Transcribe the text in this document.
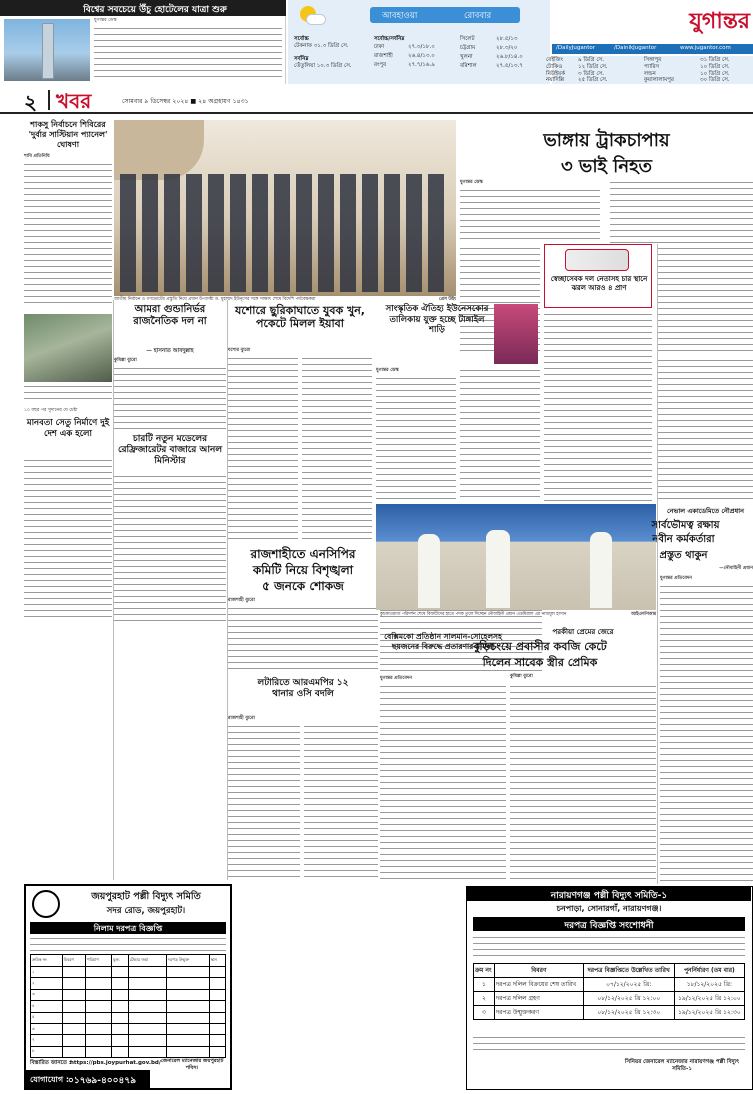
বিশ্বের সবচেয়ে উঁচু হোটেলের যাত্রা শুরু
যুগান্তর ডেস্ক	আবহাওয়া	রোববার
সর্বোচ্চ
টেকনাফ ৩১.৩ ডিগ্রি সে.
সর্বনিম্ন
তেঁতুলিয়া ১০.৩ ডিগ্রি সে.
সর্বোচ্চ/সর্বনিম্ন
ঢাকা	২৭.৩/১৮.০
রাজশাহী	২৬.৪/১৩.০
রংপুর	২৭.৭/১৬.৯
সিলেট	২৮.৫/১৩
চট্টগ্রাম	২৮.৩/২০
খুলনা	২৬.৮/১৪.০
বরিশাল	২৭.৫/১৩.৭
যুগান্তর
/DailyJugantor	/DainikJugantor	www.jugantor.com
বেইজিং	৯ ডিগ্রি সে.
টোকিও	১২ ডিগ্রি সে.
নিউইয়র্ক ৩ ডিগ্রি সে.
নয়াদিল্লি	২৫ ডিগ্রি সে.
সিঙ্গাপুর	৩১ ডিগ্রি সে.
প্যারিস	১০ ডিগ্রি সে.
লন্ডন	১০ ডিগ্রি সে.
কুয়ালালামপুর	৩০ ডিগ্রি সে.
২ খবর	সোমবার ৯ ডিসেম্বর ২০২৪ ■ ২৪ অগ্রহায়ণ ১৪৩১
শাকসু নির্বাচনে শিবিরের 'দুর্বার সাস্টিয়ান প্যানেল' ঘোষণা
শাবি প্রতিনিধি
১০ বছর পর সুদানের যে চেষ্টা
মানবতা সেতু নির্মাণে দুই দেশ এক হলো
জাতীয় নির্বাচন ও গণভোটের প্রস্তুতি নিয়ে প্রধান উপদেষ্টা ড. মুহাম্মদ ইউনূসের সঙ্গে সাক্ষাৎ শেষে বিদেশি পর্যবেক্ষকরা	প্রেস উইং
ভাঙ্গায় ট্রাকচাপায়
৩ ভাই নিহত
যুগান্তর ডেস্ক
স্বেচ্ছাসেবক দল নেতাসহ চার স্থানে ঝরল আরও ৪ প্রাণ
আমরা গুন্ডানির্ভর রাজনৈতিক দল না
— হাসনাত আবদুল্লাহ
কুমিল্লা ব্যুরো
চারটি নতুন মডেলের রেফ্রিজারেটর বাজারে আনল মিনিস্টার
যশোরে ছুরিকাঘাতে যুবক খুন, পকেটে মিলল ইয়াবা
যশোর ব্যুরো
সাংস্কৃতিক ঐতিহ্য ইউনেসকোর তালিকায় যুক্ত হচ্ছে টাঙ্গাইল শাড়ি
যুগান্তর ডেস্ক
রাজশাহীতে এনসিপির
কমিটি নিয়ে বিশৃঙ্খলা
৫ জনকে শোকজ
রাজশাহী ব্যুরো
কুচকাওয়াজ পরিদর্শন শেষে বিজয়ীদের হাতে পদক তুলে দিচ্ছেন নৌবাহিনী প্রধান এডমিরাল এম নাজমুল হাসান	আইএসপিআর
নেভাল একাডেমিতে নৌপ্রধান
সার্বভৌমত্ব রক্ষায়
নবীন কর্মকর্তারা
প্রস্তুত থাকুন
—নৌবাহিনী প্রধান
যুগান্তর প্রতিবেদন
লটারিতে আরএমপির ১২ থানার ওসি বদলি
রাজশাহী ব্যুরো
বেক্সিমকো প্রতিষ্ঠান সালমান-সোহেলসহ ছয়জনের বিরুদ্ধে প্রতারণার মামলা
যুগান্তর প্রতিবেদন
পরকীয়া প্রেমের জেরে
বুড়িচংয়ে প্রবাসীর কবজি কেটে
দিলেন সাবেক স্ত্রীর প্রেমিক
কুমিল্লা ব্যুরো
জয়পুরহাট পল্লী বিদ্যুৎ সমিতি
সদর রোড, জয়পুরহাট।
নিলাম দরপত্র বিজ্ঞপ্তি
ক্রমিক নং	বিবরণ	পরিমাণ	মূল্য	টেন্ডার জমা	দরপত্র উন্মুক্ত	স্থান
১						
২						
৩						
৪						
৫						
৬						
৭						
৮						
বিস্তারিত জানতে :
https://pbs.joypurhat.gov.bd/ জেনারেল ম্যানেজার জয়পুরহাট পবিস।
যোগাযোগ :
০১৭৬৯-৪০০৪৭৯
নারায়ণগঞ্জ পল্লী বিদ্যুৎ সমিতি-১
চনপাড়া, সোনারগাঁ, নারায়ণগঞ্জ।
দরপত্র বিজ্ঞপ্তি সংশোধনী
ক্রম নং	বিবরণ	দরপত্র বিজ্ঞপ্তিতে উল্লেখিত তারিখ	পুনর্নির্ধারণ (তম বার)
১	দরপত্র দলিল বিক্রয়ের শেষ তারিখ	০৭/১২/২০২৫ খ্রি:	১৮/১২/২০২৫ খ্রি:
২	দরপত্র দলিল গ্রহণ	০৮/১২/২০২৫ খ্রি ১২:০০	১৯/১২/২০২৫ খ্রি ১২:০০
৩	দরপত্র উন্মুক্তকরণ	০৮/১২/২০২৫ খ্রি ১২:৩০	১৯/১২/২০২৫ খ্রি ১২:৩০
সিনিয়র জেনারেল ম্যানেজার নারায়ণগঞ্জ পল্লী বিদ্যুৎ সমিতি-১
